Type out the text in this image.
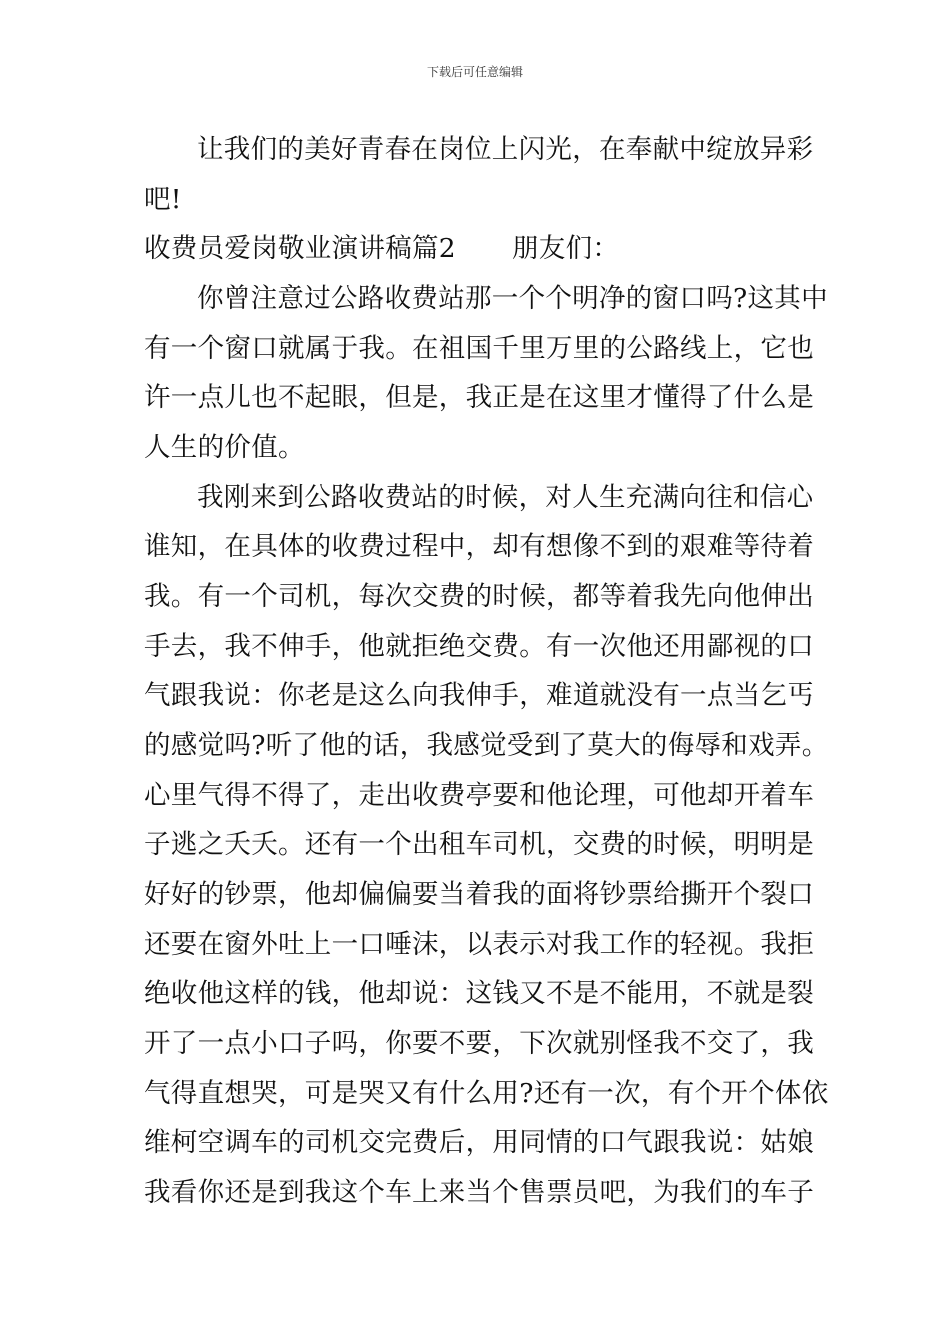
下载后可任意编辑
让我们的美好青春在岗位上闪光，在奉献中绽放异彩
吧!
收费员爱岗敬业演讲稿篇2 朋友们：
你曾注意过公路收费站那一个个明净的窗口吗?这其中
有一个窗口就属于我。在祖国千里万里的公路线上，它也
许一点儿也不起眼，但是，我正是在这里才懂得了什么是
人生的价值。
我刚来到公路收费站的时候，对人生充满向往和信心
谁知，在具体的收费过程中，却有想像不到的艰难等待着
我。有一个司机，每次交费的时候，都等着我先向他伸出
手去，我不伸手，他就拒绝交费。有一次他还用鄙视的口
气跟我说：你老是这么向我伸手，难道就没有一点当乞丐
的感觉吗?听了他的话，我感觉受到了莫大的侮辱和戏弄。
心里气得不得了，走出收费亭要和他论理，可他却开着车
子逃之夭夭。还有一个出租车司机，交费的时候，明明是
好好的钞票，他却偏偏要当着我的面将钞票给撕开个裂口
还要在窗外吐上一口唾沫，以表示对我工作的轻视。我拒
绝收他这样的钱，他却说：这钱又不是不能用，不就是裂
开了一点小口子吗，你要不要，下次就别怪我不交了，我
气得直想哭，可是哭又有什么用?还有一次，有个开个体依
维柯空调车的司机交完费后，用同情的口气跟我说：姑娘
我看你还是到我这个车上来当个售票员吧，为我们的车子
